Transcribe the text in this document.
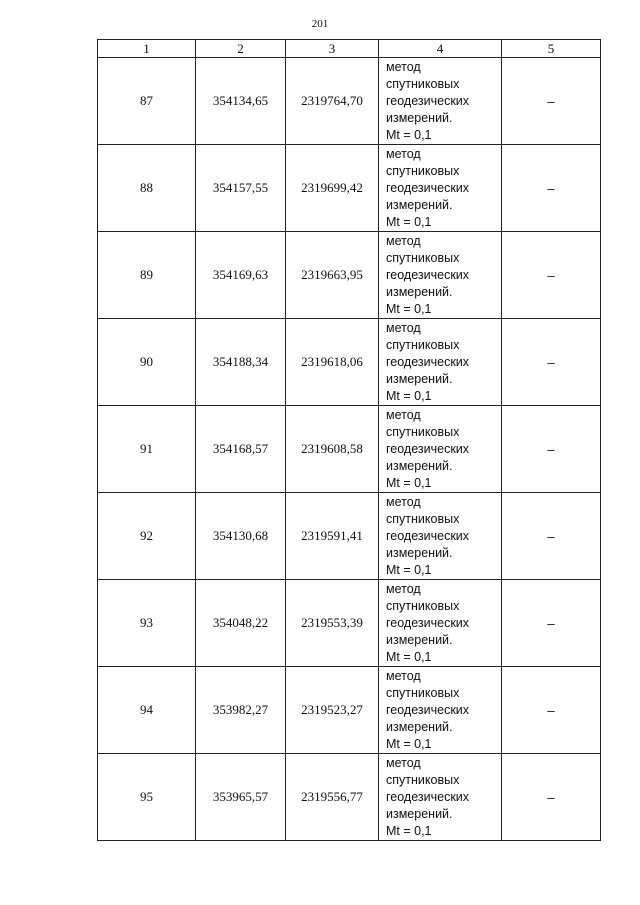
201
1	2	3	4	5
87	354134,65	2319764,70	метод
спутниковых
геодезических
измерений.
Mt = 0,1	–
88	354157,55	2319699,42	метод
спутниковых
геодезических
измерений.
Mt = 0,1	–
89	354169,63	2319663,95	метод
спутниковых
геодезических
измерений.
Mt = 0,1	–
90	354188,34	2319618,06	метод
спутниковых
геодезических
измерений.
Mt = 0,1	–
91	354168,57	2319608,58	метод
спутниковых
геодезических
измерений.
Mt = 0,1	–
92	354130,68	2319591,41	метод
спутниковых
геодезических
измерений.
Mt = 0,1	–
93	354048,22	2319553,39	метод
спутниковых
геодезических
измерений.
Mt = 0,1	–
94	353982,27	2319523,27	метод
спутниковых
геодезических
измерений.
Mt = 0,1	–
95	353965,57	2319556,77	метод
спутниковых
геодезических
измерений.
Mt = 0,1	–
